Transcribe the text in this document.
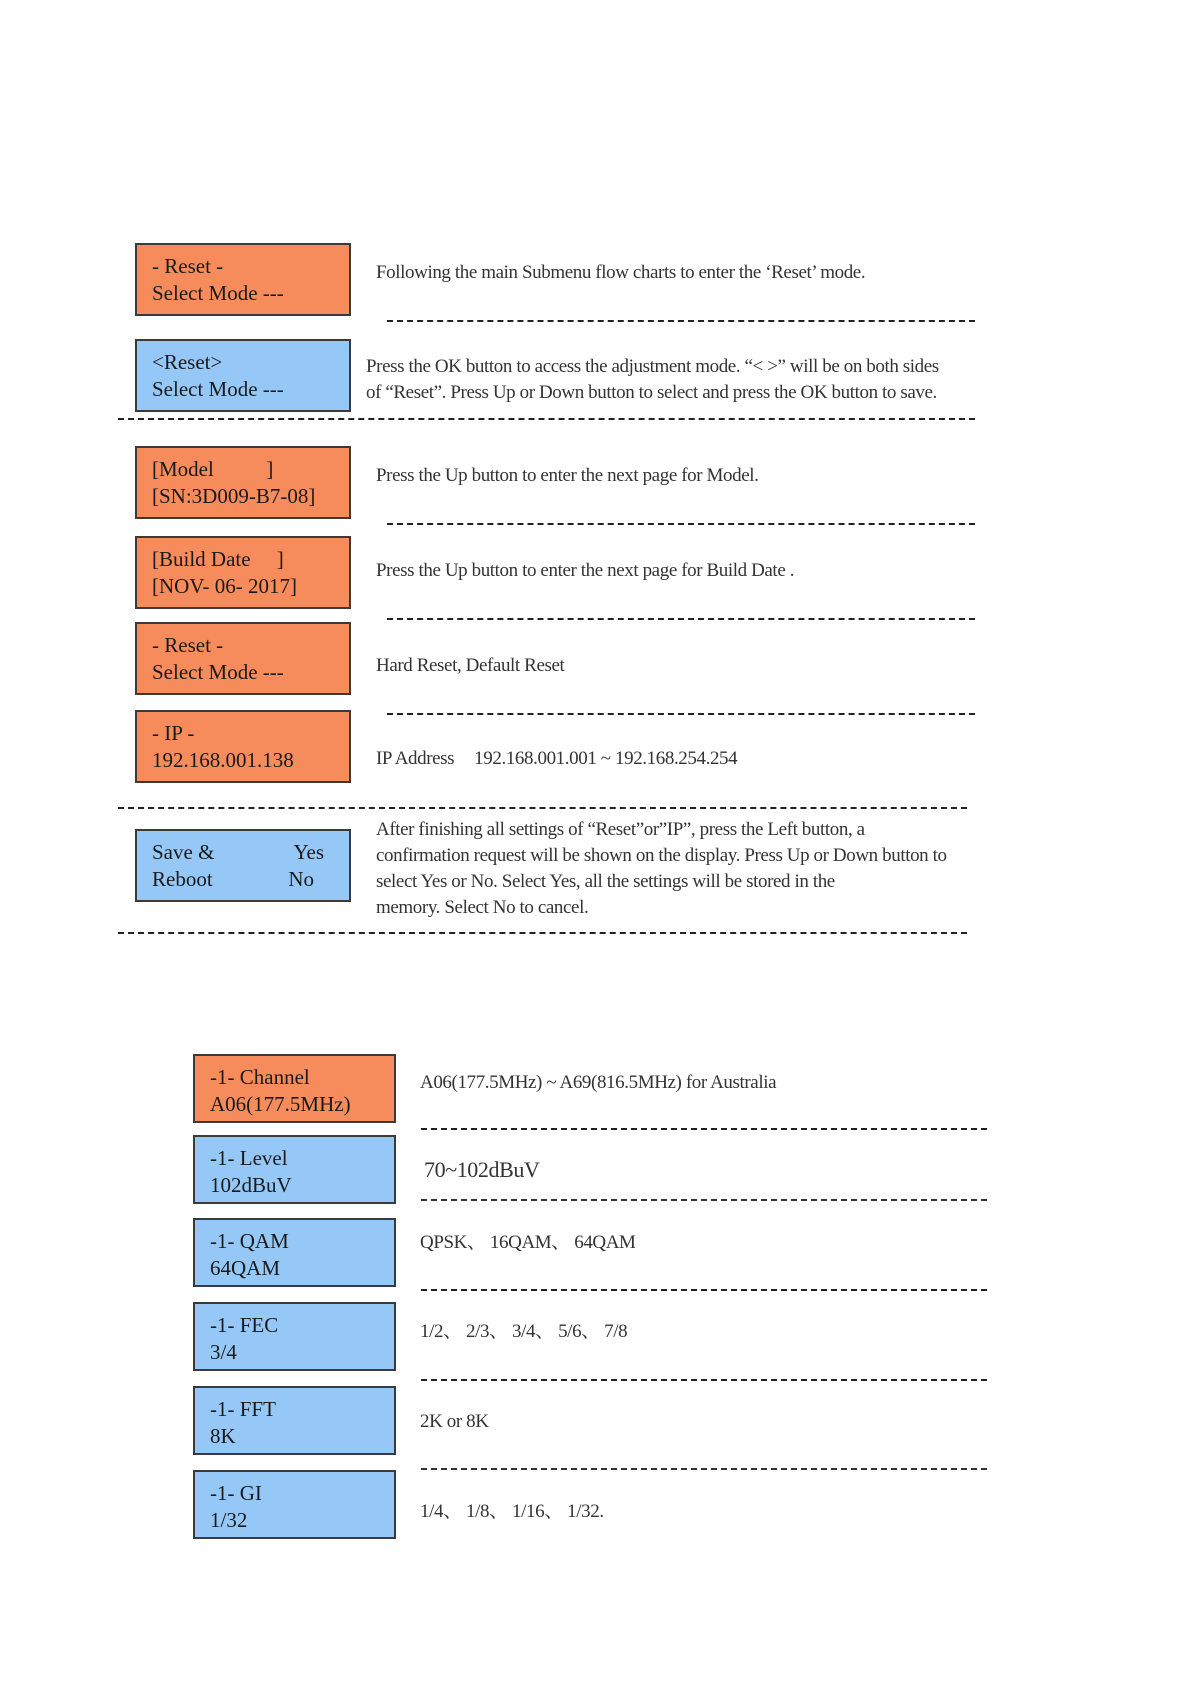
- Reset -
Select Mode ---
Following the main Submenu flow charts to enter the ‘Reset’ mode.
<Reset>
Select Mode ---
Press the OK button to access the adjustment mode. “< >” will be on both sides
of “Reset”. Press Up or Down button to select and press the OK button to save.
[Model          ]
[SN:3D009-B7-08]
Press the Up button to enter the next page for Model.
[Build Date     ]
[NOV- 06- 2017]
Press the Up button to enter the next page for Build Date .
- Reset -
Select Mode ---	Hard Reset, Default Reset
- IP -
192.168.001.138	IP Address 192.168.001.001 ~ 192.168.254.254
Save &	Yes
Reboot	No
After finishing all settings of “Reset”or”IP”, press the Left button, a
confirmation request will be shown on the display. Press Up or Down button to
select Yes or No. Select Yes, all the settings will be stored in the
memory. Select No to cancel.
-1- Channel
A06(177.5MHz)
A06(177.5MHz) ~ A69(816.5MHz) for Australia
-1- Level
102dBuV
70~102dBuV
-1- QAM
64QAM
QPSK、 16QAM、 64QAM
-1- FEC
3/4
1/2、 2/3、 3/4、 5/6、 7/8
-1- FFT
8K
2K or 8K
-1- GI
1/32	1/4、 1/8、 1/16、 1/32.
